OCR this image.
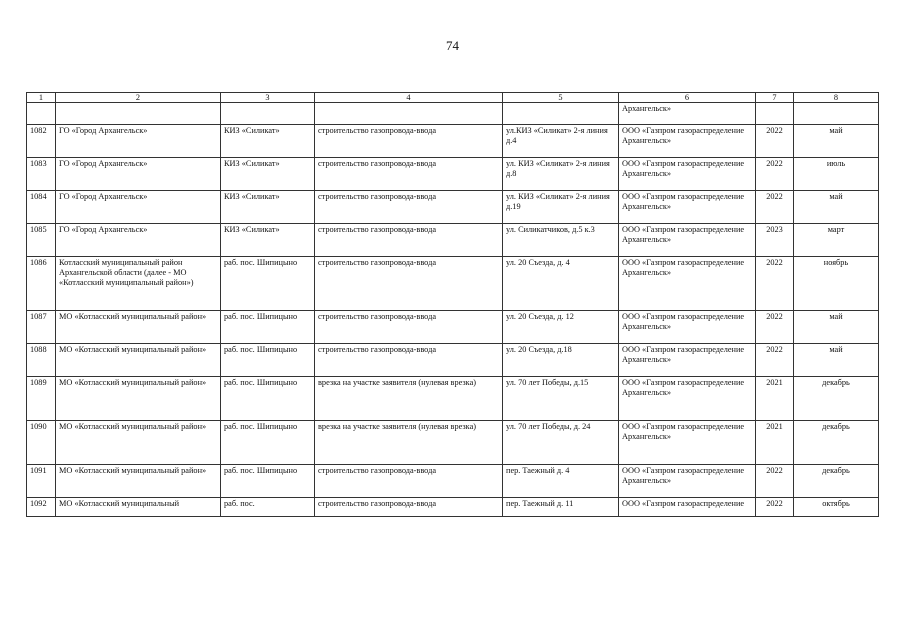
74
1	2	3	4	5	6	7	8
					Архангельск»		
1082	ГО «Город Архангельск»	КИЗ «Силикат»	строительство газопровода-ввода	ул.КИЗ «Силикат» 2-я линия д.4	ООО «Газпром газораспределение Архангельск»	2022	май
1083	ГО «Город Архангельск»	КИЗ «Силикат»	строительство газопровода-ввода	ул. КИЗ «Силикат» 2-я линия д.8	ООО «Газпром газораспределение Архангельск»	2022	июль
1084	ГО «Город Архангельск»	КИЗ «Силикат»	строительство газопровода-ввода	ул. КИЗ «Силикат» 2-я линия д.19	ООО «Газпром газораспределение Архангельск»	2022	май
1085	ГО «Город Архангельск»	КИЗ «Силикат»	строительство газопровода-ввода	ул. Силикатчиков, д.5 к.3	ООО «Газпром газораспределение Архангельск»	2023	март
1086	Котласский муниципальный район Архангельской области (далее - МО «Котласский муниципальный район»)	раб. пос. Шипицыно	строительство газопровода-ввода	ул. 20 Съезда, д. 4	ООО «Газпром газораспределение Архангельск»	2022	ноябрь
1087	МО «Котласский муниципальный район»	раб. пос. Шипицыно	строительство газопровода-ввода	ул. 20 Съезда, д. 12	ООО «Газпром газораспределение Архангельск»	2022	май
1088	МО «Котласский муниципальный район»	раб. пос. Шипицыно	строительство газопровода-ввода	ул. 20 Съезда, д.18	ООО «Газпром газораспределение Архангельск»	2022	май
1089	МО «Котласский муниципальный район»	раб. пос. Шипицыно	врезка на участке заявителя (нулевая врезка)	ул. 70 лет Победы, д.15	ООО «Газпром газораспределение Архангельск»	2021	декабрь
1090	МО «Котласский муниципальный район»	раб. пос. Шипицыно	врезка на участке заявителя (нулевая врезка)	ул. 70 лет Победы, д. 24	ООО «Газпром газораспределение Архангельск»	2021	декабрь
1091	МО «Котласский муниципальный район»	раб. пос. Шипицыно	строительство газопровода-ввода	пер. Таежный д. 4	ООО «Газпром газораспределение Архангельск»	2022	декабрь
1092	МО «Котласский муниципальный	раб. пос.	строительство газопровода-ввода	пер. Таежный д. 11	ООО «Газпром газораспределение	2022	октябрь
